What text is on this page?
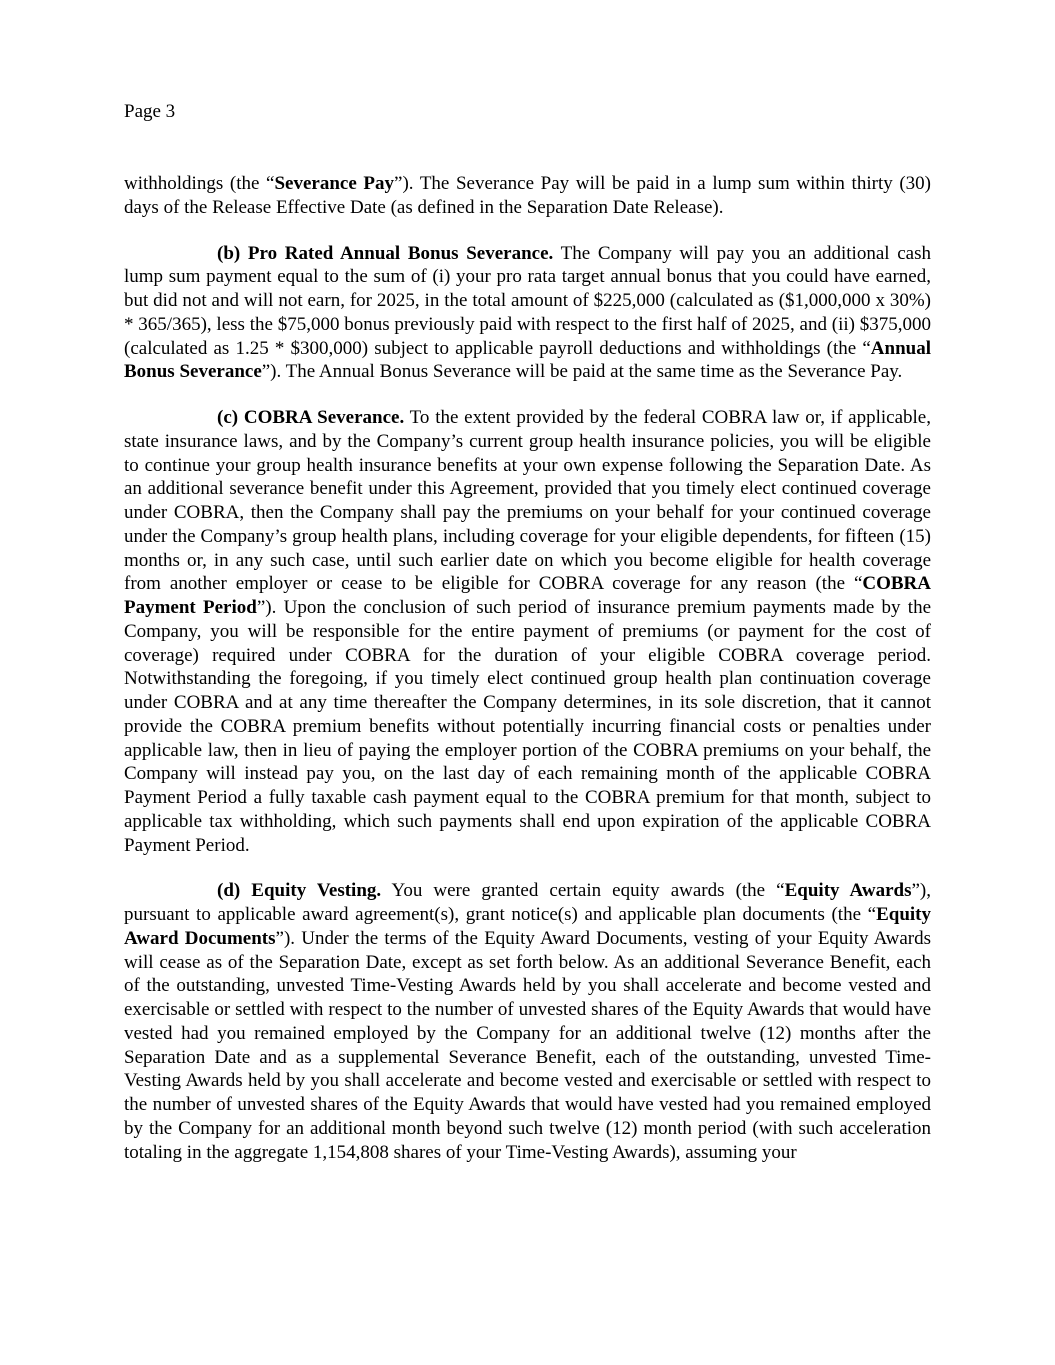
Page 3

withholdings (the “Severance Pay”). The Severance Pay will be paid in a lump sum within thirty (30) days of the Release Effective Date (as defined in the Separation Date Release).

(b) Pro Rated Annual Bonus Severance. The Company will pay you an additional cash lump sum payment equal to the sum of (i) your pro rata target annual bonus that you could have earned, but did not and will not earn, for 2025, in the total amount of $225,000 (calculated as ($1,000,000 x 30%) * 365/365), less the $75,000 bonus previously paid with respect to the first half of 2025, and (ii) $375,000 (calculated as 1.25 * $300,000) subject to applicable payroll deductions and withholdings (the “Annual Bonus Severance”). The Annual Bonus Severance will be paid at the same time as the Severance Pay.

(c) COBRA Severance. To the extent provided by the federal COBRA law or, if applicable, state insurance laws, and by the Company’s current group health insurance policies, you will be eligible to continue your group health insurance benefits at your own expense following the Separation Date. As an additional severance benefit under this Agreement, provided that you timely elect continued coverage under COBRA, then the Company shall pay the premiums on your behalf for your continued coverage under the Company’s group health plans, including coverage for your eligible dependents, for fifteen (15) months or, in any such case, until such earlier date on which you become eligible for health coverage from another employer or cease to be eligible for COBRA coverage for any reason (the “COBRA Payment Period”). Upon the conclusion of such period of insurance premium payments made by the Company, you will be responsible for the entire payment of premiums (or payment for the cost of coverage) required under COBRA for the duration of your eligible COBRA coverage period. Notwithstanding the foregoing, if you timely elect continued group health plan continuation coverage under COBRA and at any time thereafter the Company determines, in its sole discretion, that it cannot provide the COBRA premium benefits without potentially incurring financial costs or penalties under applicable law, then in lieu of paying the employer portion of the COBRA premiums on your behalf, the Company will instead pay you, on the last day of each remaining month of the applicable COBRA Payment Period a fully taxable cash payment equal to the COBRA premium for that month, subject to applicable tax withholding, which such payments shall end upon expiration of the applicable COBRA Payment Period.

(d) Equity Vesting. You were granted certain equity awards (the “Equity Awards”), pursuant to applicable award agreement(s), grant notice(s) and applicable plan documents (the “Equity Award Documents”). Under the terms of the Equity Award Documents, vesting of your Equity Awards will cease as of the Separation Date, except as set forth below. As an additional Severance Benefit, each of the outstanding, unvested Time-Vesting Awards held by you shall accelerate and become vested and exercisable or settled with respect to the number of unvested shares of the Equity Awards that would have vested had you remained employed by the Company for an additional twelve (12) months after the Separation Date and as a supplemental Severance Benefit, each of the outstanding, unvested Time-Vesting Awards held by you shall accelerate and become vested and exercisable or settled with respect to the number of unvested shares of the Equity Awards that would have vested had you remained employed by the Company for an additional month beyond such twelve (12) month period (with such acceleration totaling in the aggregate 1,154,808 shares of your Time-Vesting Awards), assuming your
